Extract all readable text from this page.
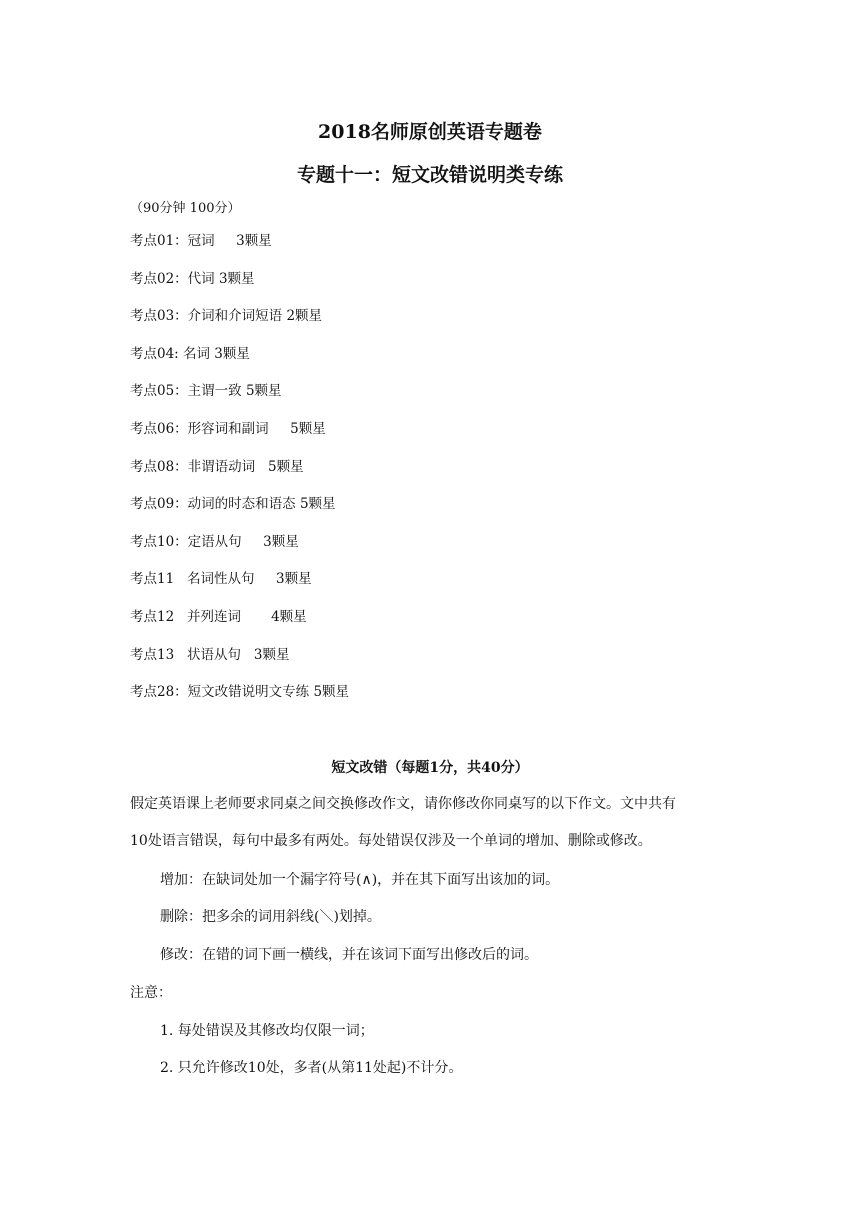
2018名师原创英语专题卷
专题十一：短文改错说明类专练
（90分钟 100分）
考点01：冠词     3颗星
考点02：代词 3颗星
考点03：介词和介词短语 2颗星
考点04: 名词 3颗星
考点05：主谓一致 5颗星
考点06：形容词和副词     5颗星
考点08：非谓语动词   5颗星
考点09：动词的时态和语态 5颗星
考点10：定语从句     3颗星
考点11   名词性从句     3颗星
考点12   并列连词       4颗星
考点13   状语从句   3颗星
考点28：短文改错说明文专练 5颗星
短文改错（每题1分，共40分）
假定英语课上老师要求同桌之间交换修改作文，请你修改你同桌写的以下作文。文中共有
10处语言错误，每句中最多有两处。每处错误仅涉及一个单词的增加、删除或修改。
增加：在缺词处加一个漏字符号(∧)，并在其下面写出该加的词。
删除：把多余的词用斜线(＼)划掉。
修改：在错的词下画一横线，并在该词下面写出修改后的词。
注意：
1. 每处错误及其修改均仅限一词；
2. 只允许修改10处，多者(从第11处起)不计分。
